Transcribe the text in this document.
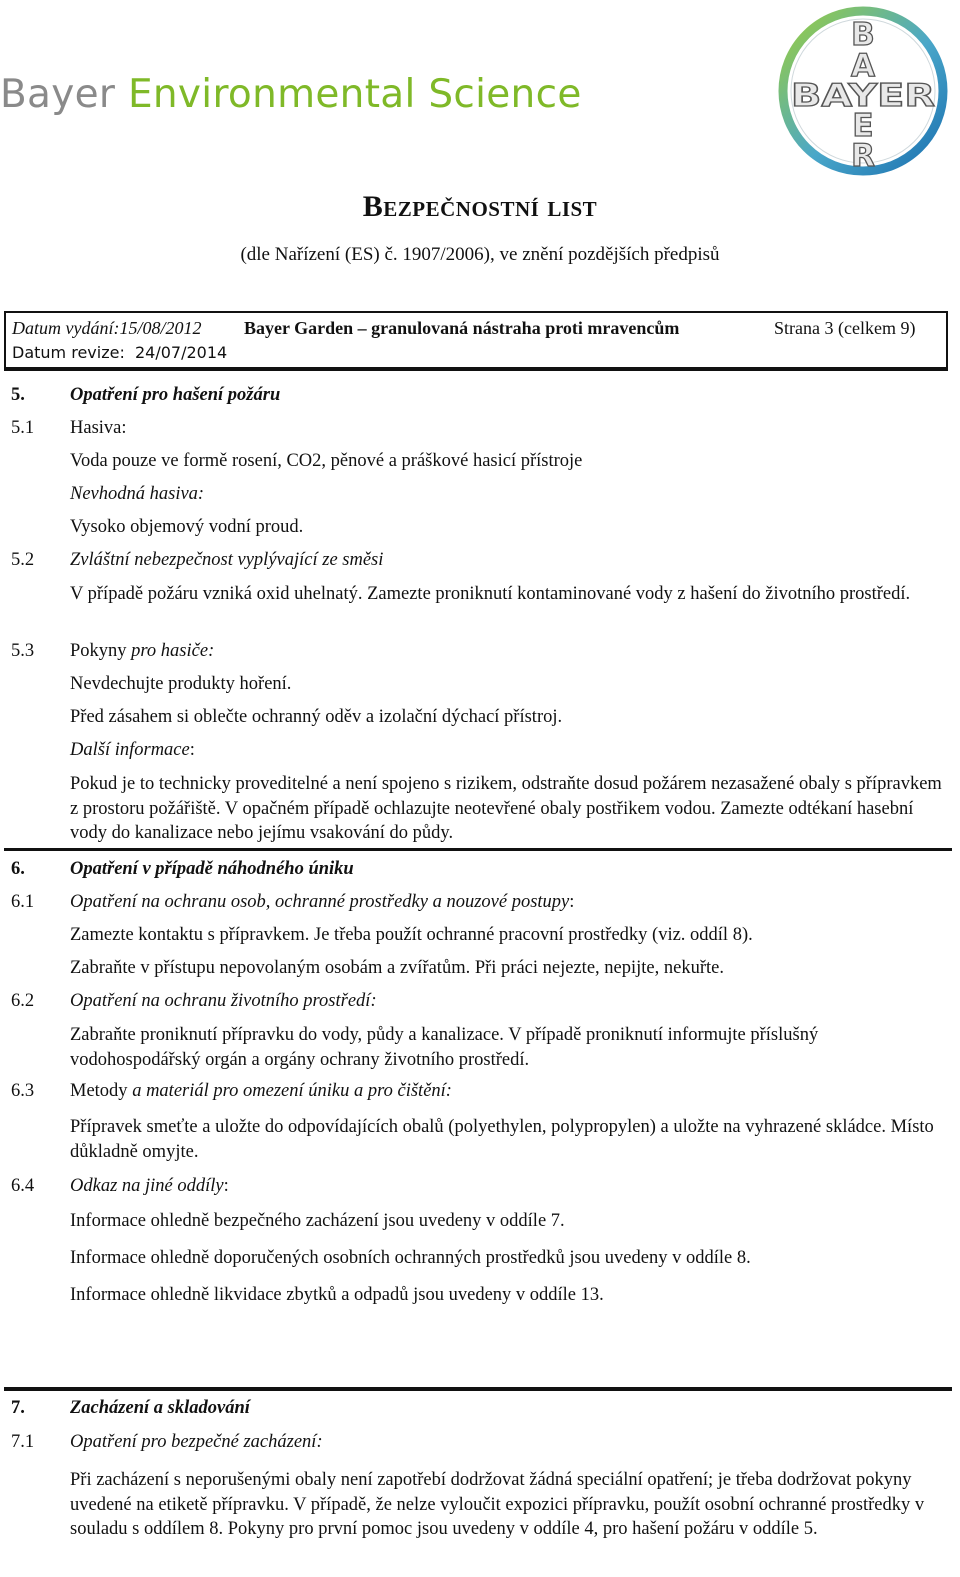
Bayer Environmental Science
B
A
BAYER
E
R
Bezpečnostní list
(dle Nařízení (ES) č. 1907/2006), ve znění pozdějších předpisů
Datum vydání:15/08/2012 Bayer Garden – granulovaná nástraha proti mravencům	Strana 3 (celkem 9)
Datum revize: 24/07/2014
5. Opatření pro hašení požáru
5.1 Hasiva:
Voda pouze ve formě rosení, CO2, pěnové a práškové hasicí přístroje
Nevhodná hasiva:
Vysoko objemový vodní proud.
5.2 Zvláštní nebezpečnost vyplývající ze směsi
V případě požáru vzniká oxid uhelnatý. Zamezte proniknutí kontaminované vody z hašení do životního prostředí.
5.3 Pokyny pro hasiče:
Nevdechujte produkty hoření.
Před zásahem si oblečte ochranný oděv a izolační dýchací přístroj.
Další informace:
Pokud je to technicky proveditelné a není spojeno s rizikem, odstraňte dosud požárem nezasažené obaly s přípravkem z prostoru požářiště. V opačném případě ochlazujte neotevřené obaly postřikem vodou. Zamezte odtékaní hasební vody do kanalizace nebo jejímu vsakování do půdy.
6. Opatření v případě náhodného úniku
6.1 Opatření na ochranu osob, ochranné prostředky a nouzové postupy:
Zamezte kontaktu s přípravkem. Je třeba použít ochranné pracovní prostředky (viz. oddíl 8).
Zabraňte v přístupu nepovolaným osobám a zvířatům. Při práci nejezte, nepijte, nekuřte.
6.2 Opatření na ochranu životního prostředí:
Zabraňte proniknutí přípravku do vody, půdy a kanalizace. V případě proniknutí informujte příslušný vodohospodářský orgán a orgány ochrany životního prostředí.
6.3 Metody a materiál pro omezení úniku a pro čištění:
Přípravek smeťte a uložte do odpovídajících obalů (polyethylen, polypropylen) a uložte na vyhrazené skládce. Místo důkladně omyjte.
6.4 Odkaz na jiné oddíly:
Informace ohledně bezpečného zacházení jsou uvedeny v oddíle 7.
Informace ohledně doporučených osobních ochranných prostředků jsou uvedeny v oddíle 8.
Informace ohledně likvidace zbytků a odpadů jsou uvedeny v oddíle 13.
7. Zacházení a skladování
7.1 Opatření pro bezpečné zacházení:
Při zacházení s neporušenými obaly není zapotřebí dodržovat žádná speciální opatření; je třeba dodržovat pokyny uvedené na etiketě přípravku. V případě, že nelze vyloučit expozici přípravku, použít osobní ochranné prostředky v souladu s oddílem 8. Pokyny pro první pomoc jsou uvedeny v oddíle 4, pro hašení požáru v oddíle 5.
